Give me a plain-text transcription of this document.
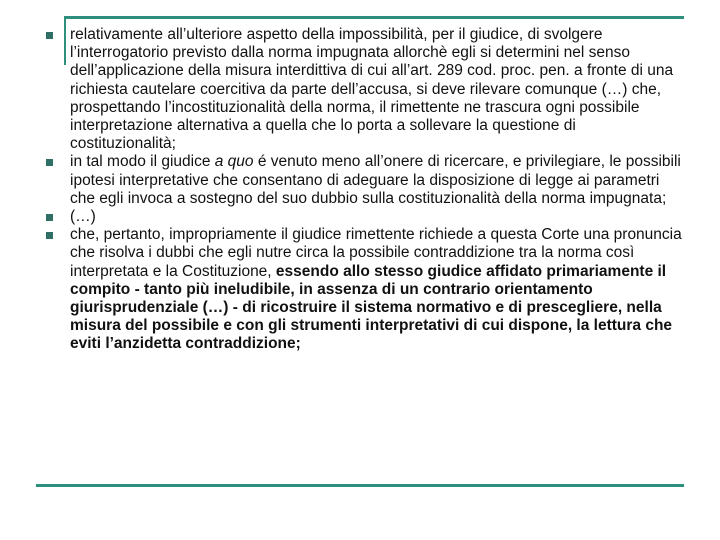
relativamente all’ulteriore aspetto della impossibilità, per il giudice, di svolgere l’interrogatorio previsto dalla norma impugnata allorchè egli si determini nel senso dell’applicazione della misura interdittiva di cui all’art. 289 cod. proc. pen. a fronte di una richiesta cautelare coercitiva da parte dell’accusa, si deve rilevare comunque (…) che, prospettando l’incostituzionalità della norma, il rimettente ne trascura ogni possibile interpretazione alternativa a quella che lo porta a sollevare la questione di costituzionalità;
in tal modo il giudice a quo é venuto meno all’onere di ricercare, e privilegiare, le possibili ipotesi interpretative che consentano di adeguare la disposizione di legge ai parametri che egli invoca a sostegno del suo dubbio sulla costituzionalità della norma impugnata;
(…)
che, pertanto, impropriamente il giudice rimettente richiede a questa Corte una pronuncia che risolva i dubbi che egli nutre circa la possibile contraddizione tra la norma così interpretata e la Costituzione, essendo allo stesso giudice affidato primariamente il compito - tanto più ineludibile, in assenza di un contrario orientamento giurisprudenziale (…) - di ricostruire il sistema normativo e di prescegliere, nella misura del possibile e con gli strumenti interpretativi di cui dispone, la lettura che eviti l’anzidetta contraddizione;
